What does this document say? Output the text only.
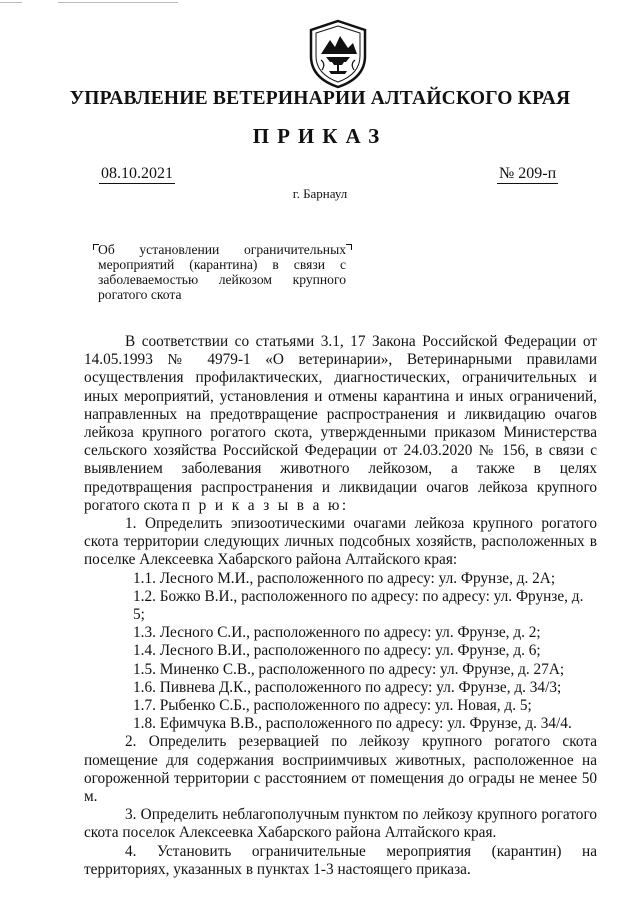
УПРАВЛЕНИЕ ВЕТЕРИНАРИИ АЛТАЙСКОГО КРАЯ
ПРИКАЗ
08.10.2021	№ 209-п
г. Барнаул
Об установлении ограничительных мероприятий (карантина) в связи с заболеваемостью лейкозом крупного рогатого скота

В соответствии со статьями 3.1, 17 Закона Российской Федерации от 14.05.1993 № 4979-1 «О ветеринарии», Ветеринарными правилами осуществления профилактических, диагностических, ограничительных и иных мероприятий, установления и отмены карантина и иных ограничений, направленных на предотвращение распространения и ликвидацию очагов лейкоза крупного рогатого скота, утвержденными приказом Министерства сельского хозяйства Российской Федерации от 24.03.2020 № 156, в связи с выявлением заболевания животного лейкозом, а также в целях предотвращения распространения и ликвидации очагов лейкоза крупного рогатого скота п р и к а з ы в а ю:

1. Определить эпизоотическими очагами лейкоза крупного рогатого скота территории следующих личных подсобных хозяйств, расположенных в поселке Алексеевка Хабарского района Алтайского края:

1.1. Лесного М.И., расположенного по адресу: ул. Фрунзе, д. 2А;

1.2. Божко В.И., расположенного по адресу: по адресу: ул. Фрунзе, д. 5;

1.3. Лесного С.И., расположенного по адресу: ул. Фрунзе, д. 2;

1.4. Лесного В.И., расположенного по адресу: ул. Фрунзе, д. 6;

1.5. Миненко С.В., расположенного по адресу: ул. Фрунзе, д. 27А;

1.6. Пивнева Д.К., расположенного по адресу: ул. Фрунзе, д. 34/3;

1.7. Рыбенко С.Б., расположенного по адресу: ул. Новая, д. 5;

1.8. Ефимчука В.В., расположенного по адресу: ул. Фрунзе, д. 34/4.

2. Определить резервацией по лейкозу крупного рогатого скота помещение для содержания восприимчивых животных, расположенное на огороженной территории с расстоянием от помещения до ограды не менее 50 м.

3. Определить неблагополучным пунктом по лейкозу крупного рогатого скота поселок Алексеевка Хабарского района Алтайского края.

4. Установить ограничительные мероприятия (карантин) на территориях, указанных в пунктах 1-3 настоящего приказа.
